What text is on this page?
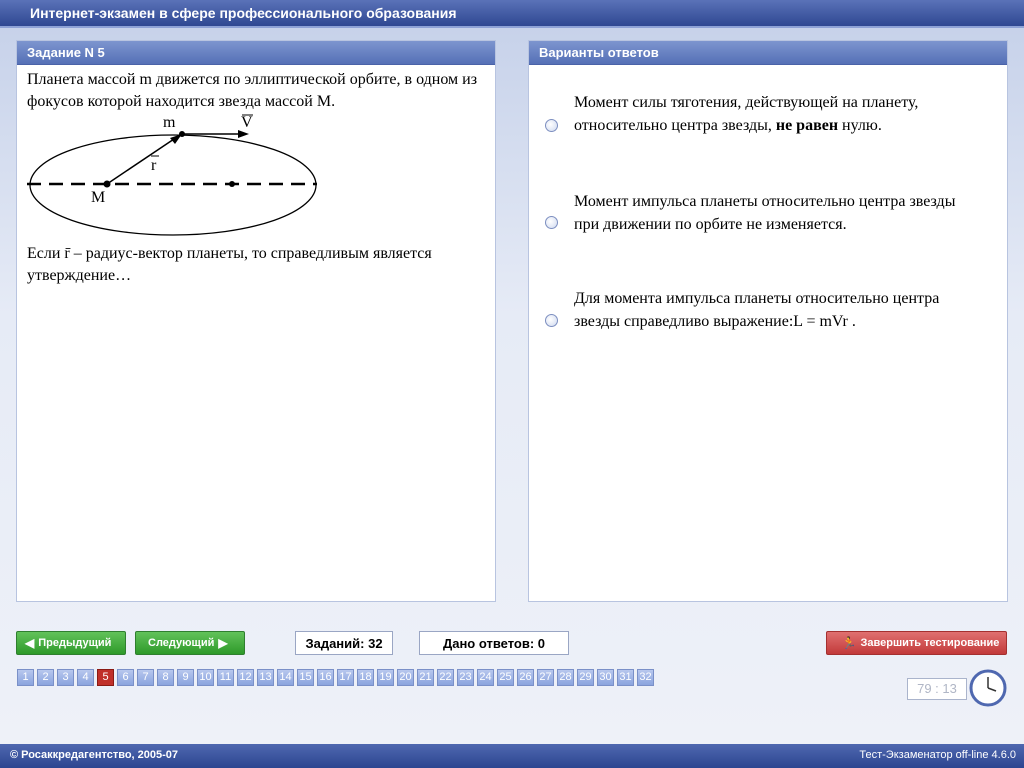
Интернет-экзамен в сфере профессионального образования
Задание N 5
Планета массой m движется по эллиптической орбите, в одном из фокусов которой находится звезда массой М.
m	V
r
M
Если r̄ – радиус-вектор планеты, то справедливым является утверждение…
Варианты ответов
Момент силы тяготения, действующей на планету, относительно центра звезды, не равен нулю.
Момент импульса планеты относительно центра звезды при движении по орбите не изменяется.
Для момента импульса планеты относительно центра звезды справедливо выражение:L = mVr .
◀ Предыдущий	Следующий ▶	Заданий: 32	Дано ответов: 0	🏃 Завершить тестирование
1	2	3	4	5	6	7	8	9 10 11 12 13 14 15 16 17 18 19 20 21 22 23 24 25 26 27 28 29 30 31 32
79 : 13
© Росаккредагентство, 2005-07	Тест-Экзаменатор off-line 4.6.0
